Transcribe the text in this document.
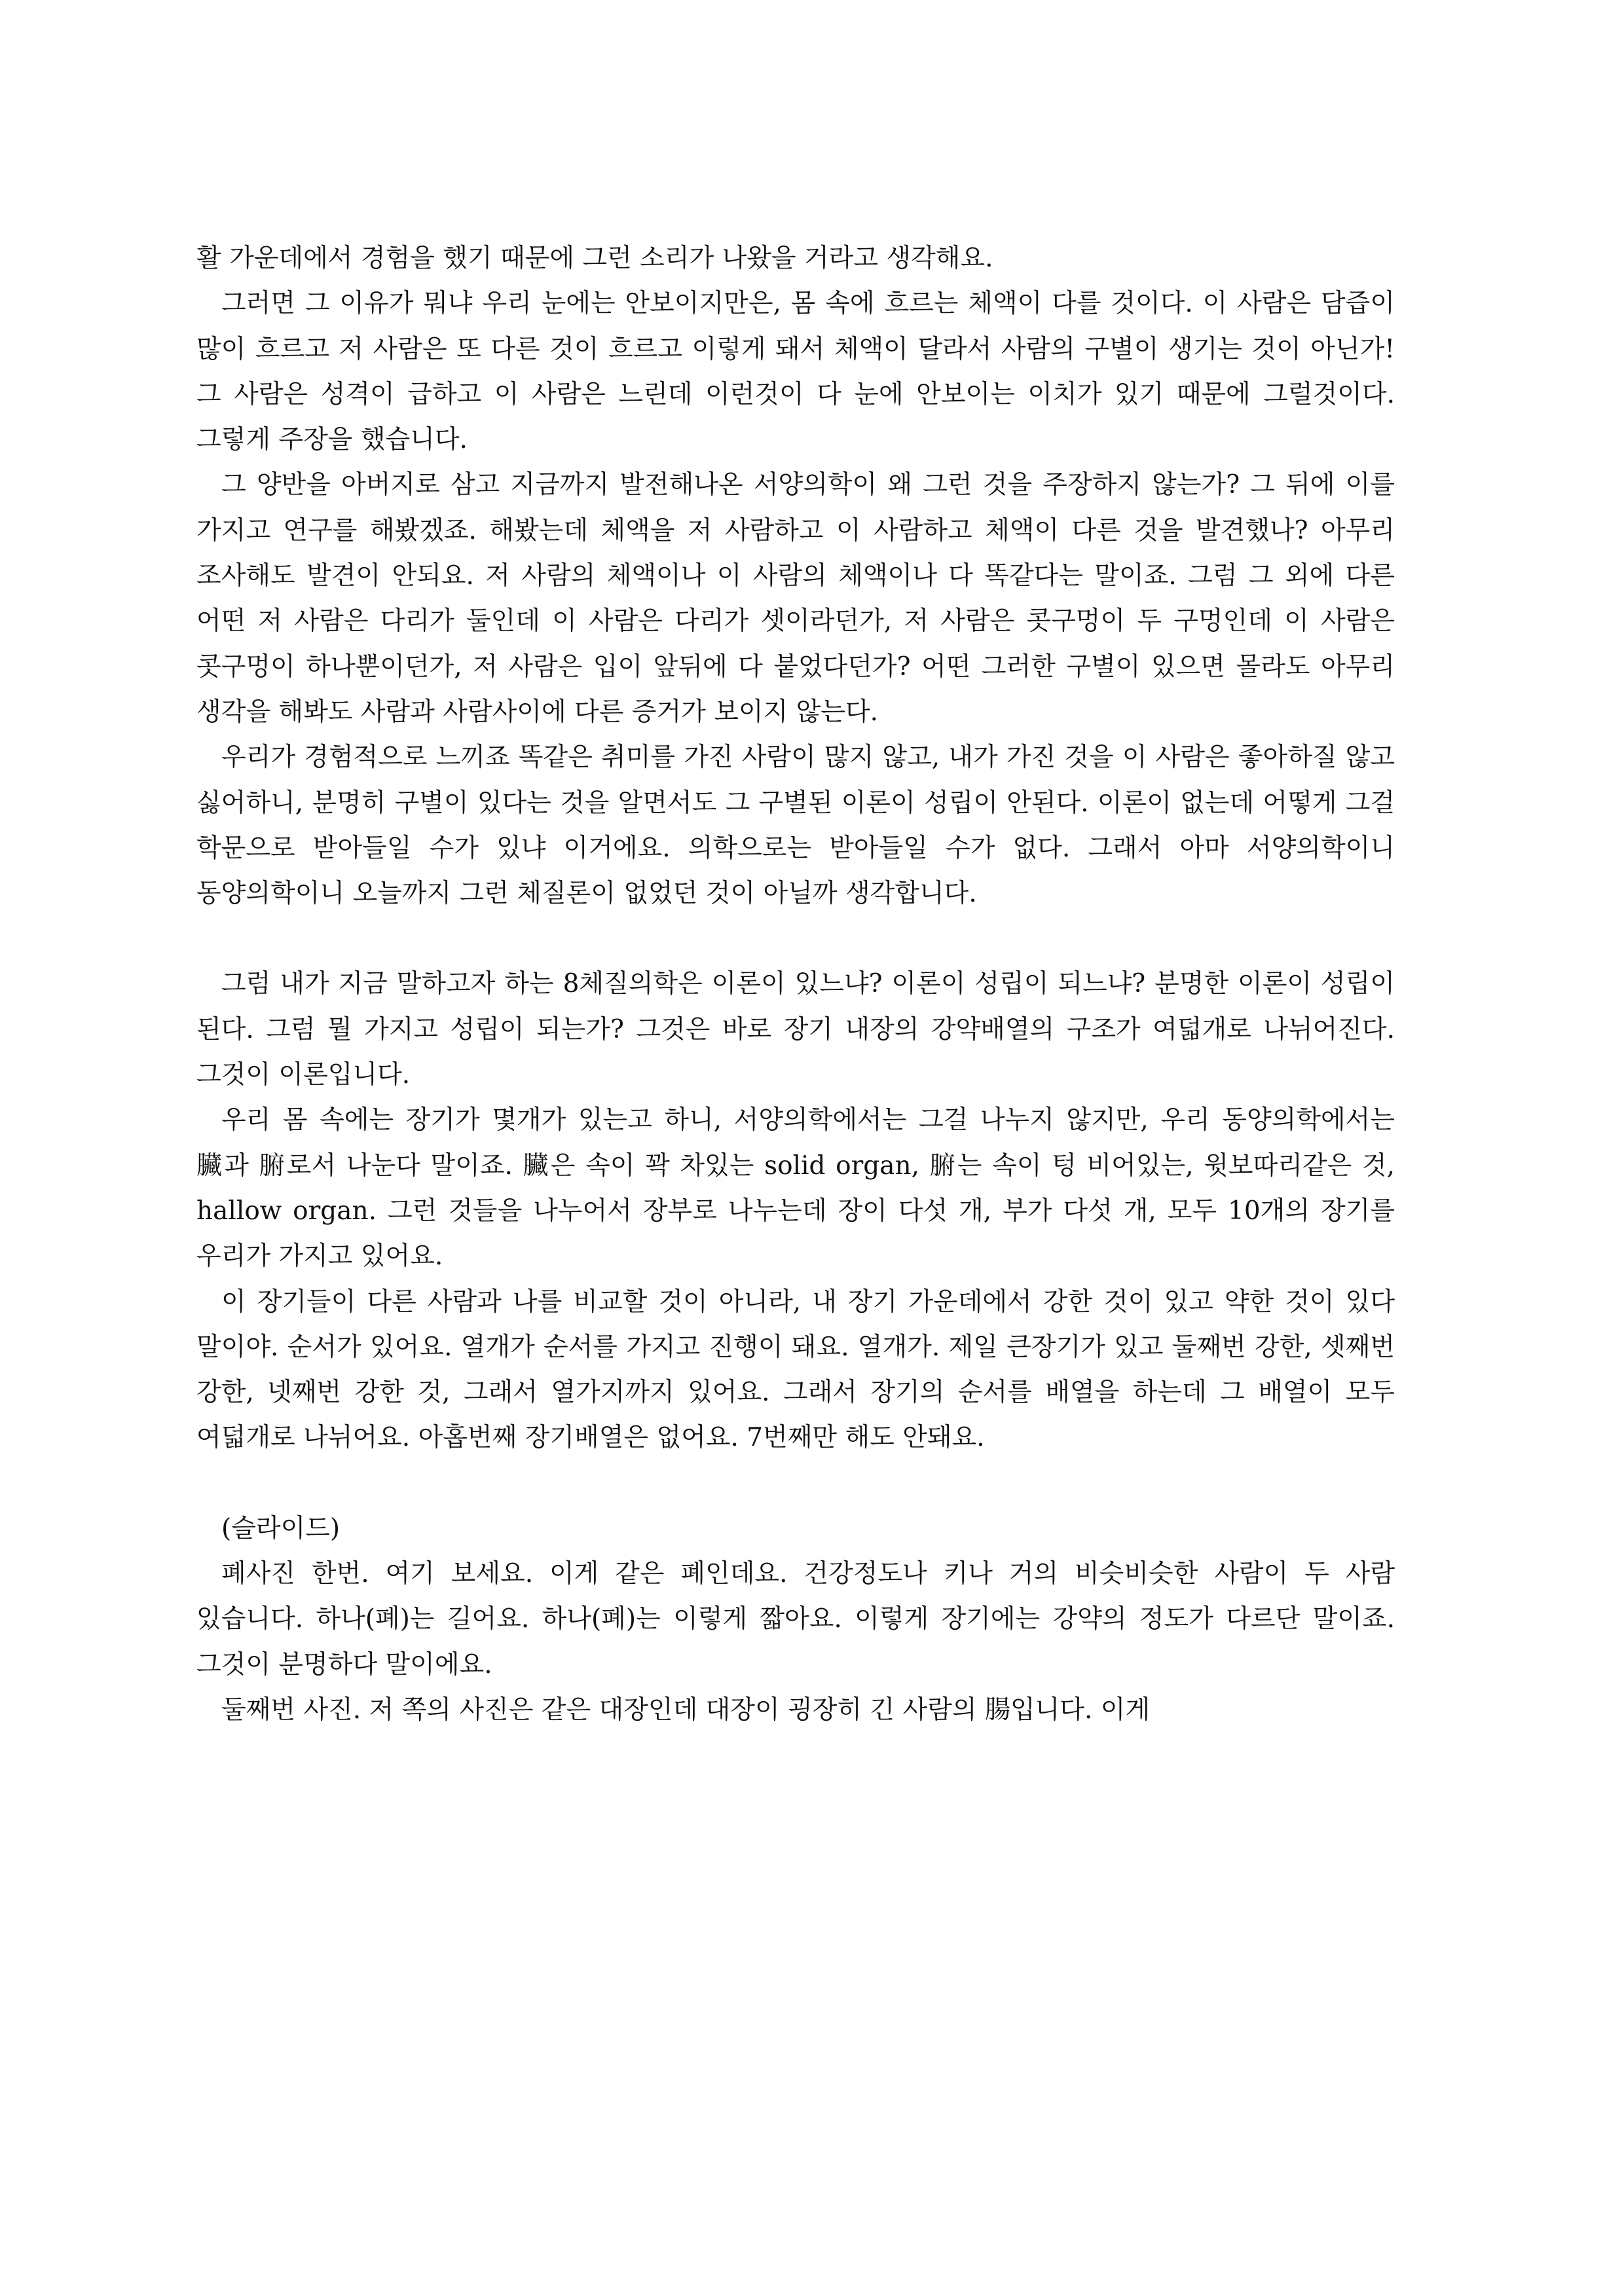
활 가운데에서 경험을 했기 때문에 그런 소리가 나왔을 거라고 생각해요.

그러면 그 이유가 뭐냐 우리 눈에는 안보이지만은, 몸 속에 흐르는 체액이 다를 것이다. 이 사람은 담즙이 많이 흐르고 저 사람은 또 다른 것이 흐르고 이렇게 돼서 체액이 달라서 사람의 구별이 생기는 것이 아닌가! 그 사람은 성격이 급하고 이 사람은 느린데 이런것이 다 눈에 안보이는 이치가 있기 때문에 그럴것이다. 그렇게 주장을 했습니다.

그 양반을 아버지로 삼고 지금까지 발전해나온 서양의학이 왜 그런 것을 주장하지 않는가? 그 뒤에 이를 가지고 연구를 해봤겠죠. 해봤는데 체액을 저 사람하고 이 사람하고 체액이 다른 것을 발견했나? 아무리 조사해도 발견이 안되요. 저 사람의 체액이나 이 사람의 체액이나 다 똑같다는 말이죠. 그럼 그 외에 다른 어떤 저 사람은 다리가 둘인데 이 사람은 다리가 셋이라던가, 저 사람은 콧구멍이 두 구멍인데 이 사람은 콧구멍이 하나뿐이던가, 저 사람은 입이 앞뒤에 다 붙었다던가? 어떤 그러한 구별이 있으면 몰라도 아무리 생각을 해봐도 사람과 사람사이에 다른 증거가 보이지 않는다.

우리가 경험적으로 느끼죠 똑같은 취미를 가진 사람이 많지 않고, 내가 가진 것을 이 사람은 좋아하질 않고 싫어하니, 분명히 구별이 있다는 것을 알면서도 그 구별된 이론이 성립이 안된다. 이론이 없는데 어떻게 그걸 학문으로 받아들일 수가 있냐 이거에요. 의학으로는 받아들일 수가 없다. 그래서 아마 서양의학이니 동양의학이니 오늘까지 그런 체질론이 없었던 것이 아닐까 생각합니다.

그럼 내가 지금 말하고자 하는 8체질의학은 이론이 있느냐? 이론이 성립이 되느냐? 분명한 이론이 성립이 된다. 그럼 뭘 가지고 성립이 되는가? 그것은 바로 장기 내장의 강약배열의 구조가 여덟개로 나뉘어진다. 그것이 이론입니다.

우리 몸 속에는 장기가 몇개가 있는고 하니, 서양의학에서는 그걸 나누지 않지만, 우리 동양의학에서는 臟과 腑로서 나눈다 말이죠. 臟은 속이 꽉 차있는 solid organ, 腑는 속이 텅 비어있는, 윗보따리같은 것, hallow organ. 그런 것들을 나누어서 장부로 나누는데 장이 다섯 개, 부가 다섯 개, 모두 10개의 장기를 우리가 가지고 있어요.

이 장기들이 다른 사람과 나를 비교할 것이 아니라, 내 장기 가운데에서 강한 것이 있고 약한 것이 있다 말이야. 순서가 있어요. 열개가 순서를 가지고 진행이 돼요. 열개가. 제일 큰장기가 있고 둘째번 강한, 셋째번 강한, 넷째번 강한 것, 그래서 열가지까지 있어요. 그래서 장기의 순서를 배열을 하는데 그 배열이 모두 여덟개로 나뉘어요. 아홉번째 장기배열은 없어요. 7번째만 해도 안돼요.

(슬라이드)

폐사진 한번. 여기 보세요. 이게 같은 폐인데요. 건강정도나 키나 거의 비슷비슷한 사람이 두 사람 있습니다. 하나(폐)는 길어요. 하나(폐)는 이렇게 짧아요. 이렇게 장기에는 강약의 정도가 다르단 말이죠. 그것이 분명하다 말이에요.

둘째번 사진. 저 쪽의 사진은 같은 대장인데 대장이 굉장히 긴 사람의 腸입니다. 이게
